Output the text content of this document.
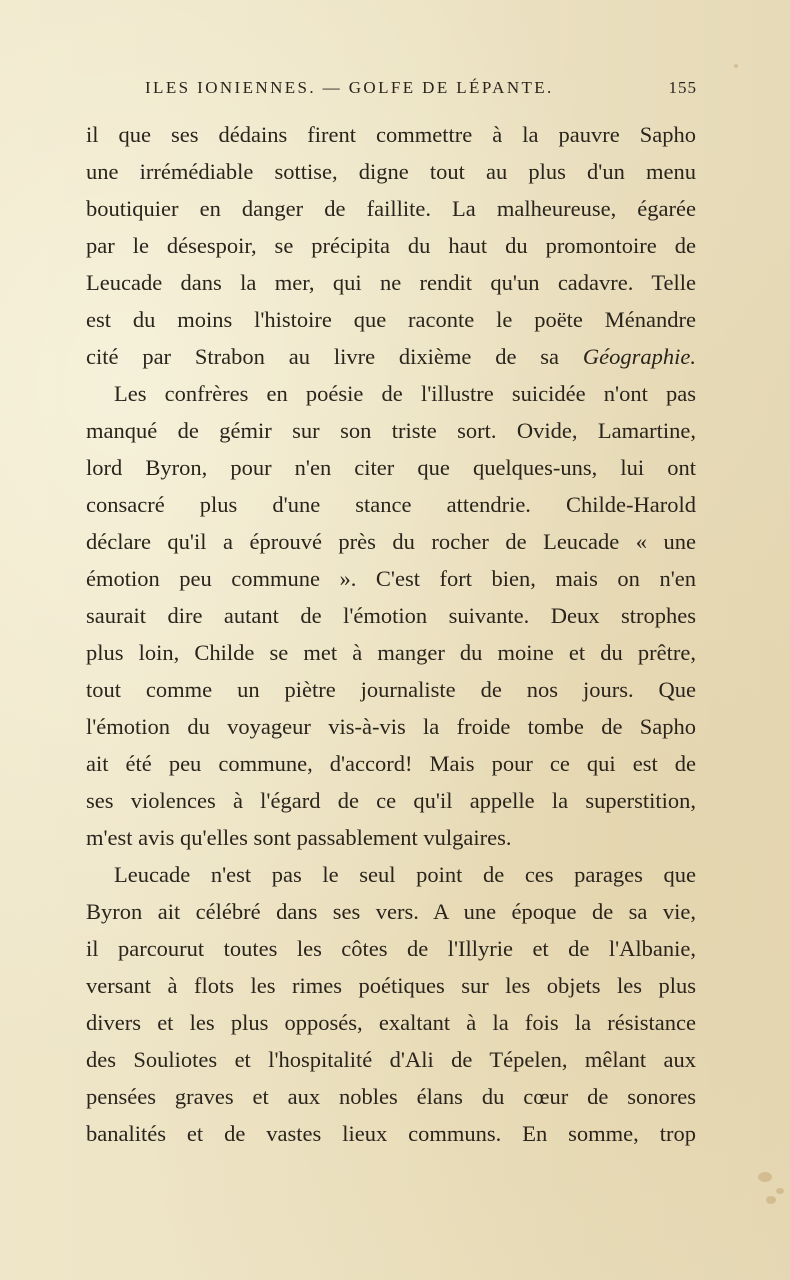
ILES IONIENNES. — GOLFE DE LÉPANTE.	155
il que ses dédains firent commettre à la pauvre Sapho
une irrémédiable sottise, digne tout au plus d'un menu
boutiquier en danger de faillite. La malheureuse, égarée
par le désespoir, se précipita du haut du promontoire de
Leucade dans la mer, qui ne rendit qu'un cadavre. Telle
est du moins l'histoire que raconte le poëte Ménandre
cité par Strabon au livre dixième de sa Géographie.
Les confrères en poésie de l'illustre suicidée n'ont pas
manqué de gémir sur son triste sort. Ovide, Lamartine,
lord Byron, pour n'en citer que quelques-uns, lui ont
consacré plus d'une stance attendrie. Childe-Harold
déclare qu'il a éprouvé près du rocher de Leucade « une
émotion peu commune ». C'est fort bien, mais on n'en
saurait dire autant de l'émotion suivante. Deux strophes
plus loin, Childe se met à manger du moine et du prêtre,
tout comme un piètre journaliste de nos jours. Que
l'émotion du voyageur vis-à-vis la froide tombe de Sapho
ait été peu commune, d'accord! Mais pour ce qui est de
ses violences à l'égard de ce qu'il appelle la superstition,
m'est avis qu'elles sont passablement vulgaires.
Leucade n'est pas le seul point de ces parages que
Byron ait célébré dans ses vers. A une époque de sa vie,
il parcourut toutes les côtes de l'Illyrie et de l'Albanie,
versant à flots les rimes poétiques sur les objets les plus
divers et les plus opposés, exaltant à la fois la résistance
des Souliotes et l'hospitalité d'Ali de Tépelen, mêlant aux
pensées graves et aux nobles élans du cœur de sonores
banalités et de vastes lieux communs. En somme, trop
